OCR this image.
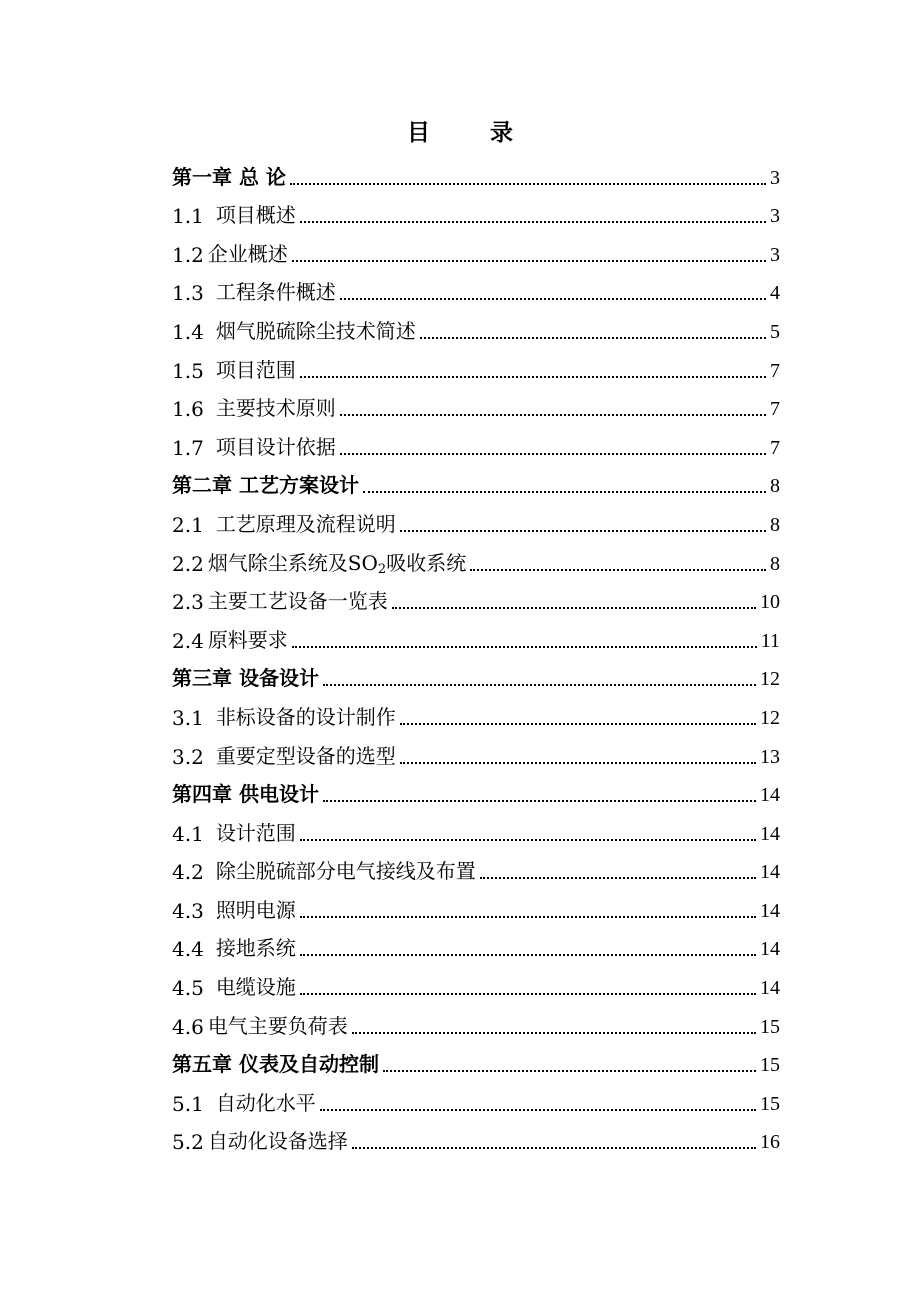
目 录
第一章 总 论	3
1.1 项目概述	3
1.2 企业概述	3
1.3 工程条件概述	4
1.4 烟气脱硫除尘技术简述	5
1.5 项目范围	7
1.6 主要技术原则	7
1.7 项目设计依据	7
第二章 工艺方案设计	8
2.1 工艺原理及流程说明	8
2.2 烟气除尘系统及$SO_2$吸收系统	8
2.3 主要工艺设备一览表	10
2.4 原料要求	11
第三章 设备设计	12
3.1 非标设备的设计制作	12
3.2 重要定型设备的选型	13
第四章 供电设计	14
4.1 设计范围	14
4.2 除尘脱硫部分电气接线及布置	14
4.3 照明电源	14
4.4 接地系统	14
4.5 电缆设施	14
4.6 电气主要负荷表	15
第五章 仪表及自动控制	15
5.1 自动化水平	15
5.2 自动化设备选择	16
